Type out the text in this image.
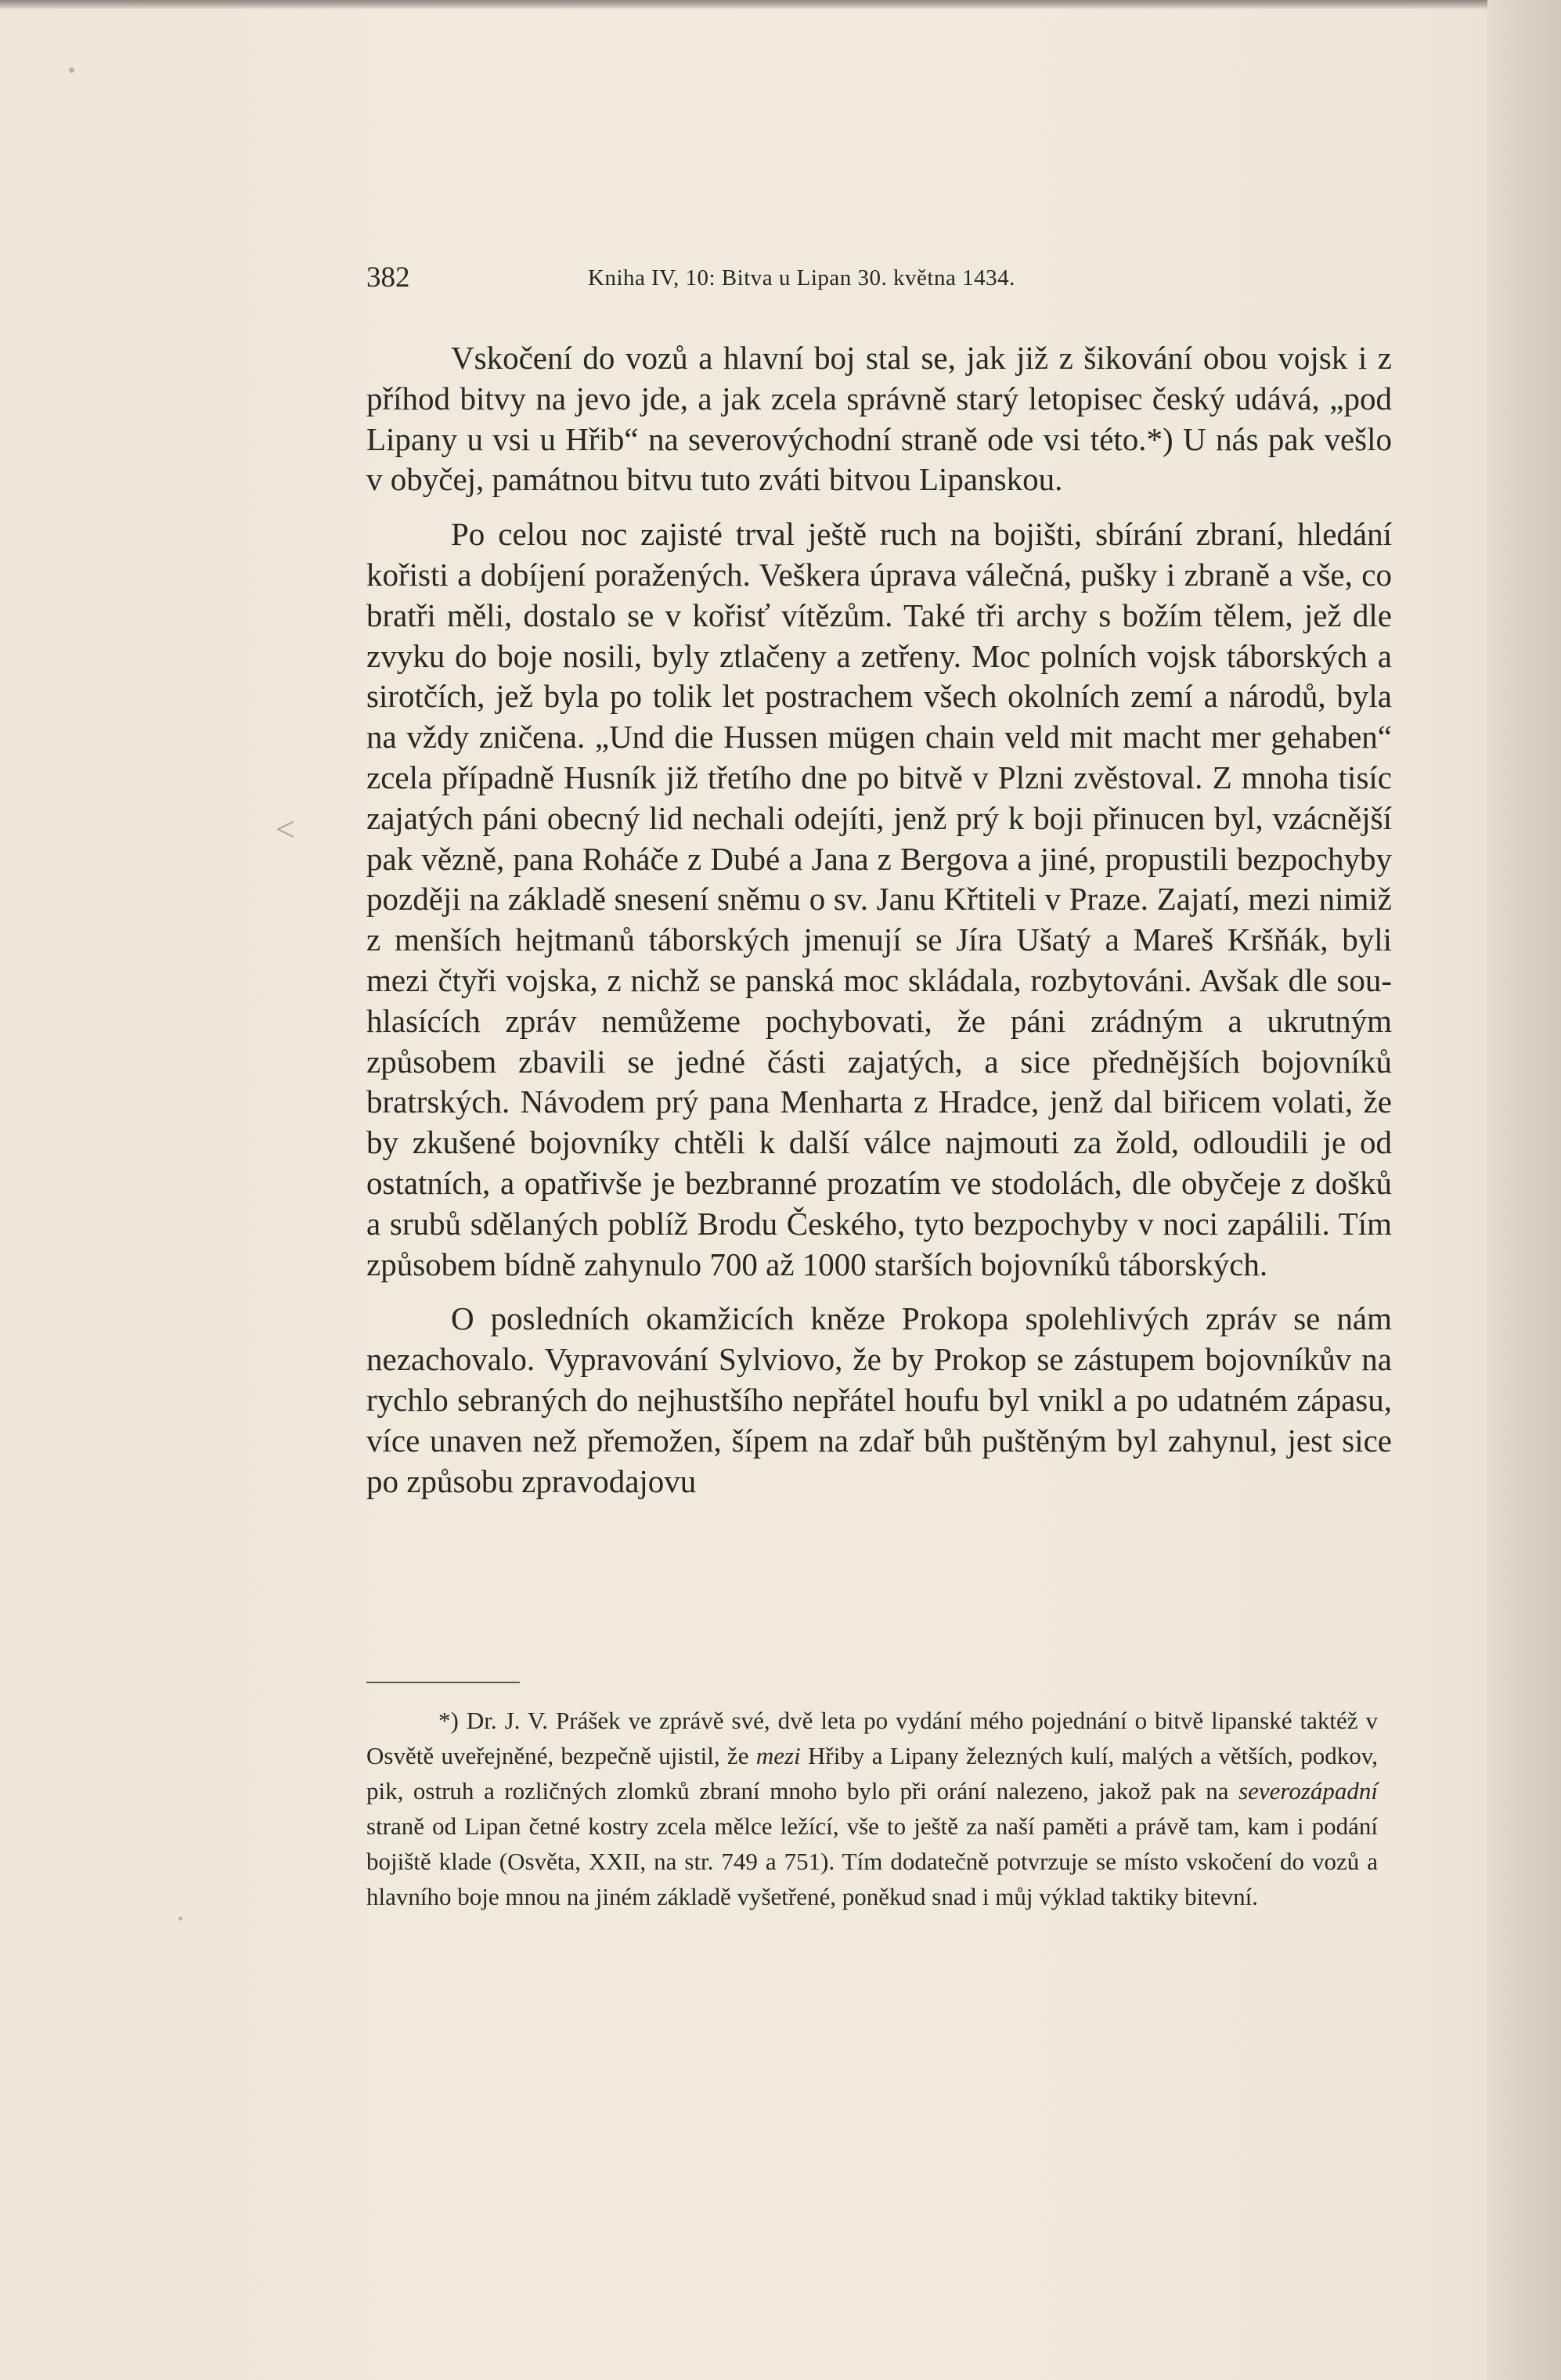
382	Kniha IV, 10: Bitva u Lipan 30. května 1434.
<

Vskočení do vozů a hlavní boj stal se, jak již z šikování obou vojsk i z příhod bitvy na jevo jde, a jak zcela správně starý letopisec český udává, „pod Lipany u vsi u Hřib“ na severovýchodní straně ode vsi této.*) U nás pak vešlo v obyčej, památnou bitvu tuto zváti bitvou Lipanskou.

Po celou noc zajisté trval ještě ruch na bojišti, sbírání zbraní, hledání kořisti a dobíjení poražených. Veškera úprava válečná, pušky i zbraně a vše, co bratři měli, dostalo se v kořisť vítězům. Také tři archy s božím tělem, jež dle zvyku do boje nosili, byly ztlačeny a zetřeny. Moc polních vojsk táborských a sirotčích, jež byla po tolik let postrachem všech okolních zemí a národů, byla na vždy zničena. „Und die Hussen mügen chain veld mit macht mer gehaben“ zcela případně Husník již třetího dne po bitvě v Plzni zvěstoval. Z mnoha tisíc zajatých páni obecný lid nechali odejíti, jenž prý k boji přinucen byl, vzácnější pak vězně, pana Roháče z Dubé a Jana z Bergova a jiné, propustili bezpochyby později na základě snesení sněmu o sv. Janu Křtiteli v Praze. Zajatí, mezi nimiž z menších hejtmanů táborských jmenují se Jíra Ušatý a Mareš Kršňák, byli mezi čtyři vojska, z nichž se panská moc skládala, rozbytováni. Avšak dle souhlasících zpráv nemůžeme pochybovati, že páni zrádným a ukrutným způsobem zbavili se jedné části zajatých, a sice přednějších bojovníků bratrských. Návodem prý pana Menharta z Hradce, jenž dal biřicem volati, že by zkušené bojovníky chtěli k další válce najmouti za žold, odloudili je od ostatních, a opatřivše je bezbranné prozatím ve stodolách, dle obyčeje z došků a srubů sdělaných poblíž Brodu Českého, tyto bezpochyby v noci zapálili. Tím způsobem bídně zahynulo 700 až 1000 starších bojovníků táborských.

O posledních okamžicích kněze Prokopa spolehlivých zpráv se nám nezachovalo. Vypravování Sylviovo, že by Prokop se zástupem bojovníkův na rychlo sebraných do nejhustšího nepřátel houfu byl vnikl a po udatném zápasu, více unaven než přemožen, šípem na zdař bůh puštěným byl zahynul, jest sice po způsobu zpravodajovu

*) Dr. J. V. Prášek ve zprávě své, dvě leta po vydání mého pojednání o bitvě lipanské taktéž v Osvětě uveřejněné, bezpečně ujistil, že mezi Hřiby a Lipany železných kulí, malých a větších, podkov, pik, ostruh a rozličných zlomků zbraní mnoho bylo při orání nalezeno, jakož pak na severozápadní straně od Lipan četné kostry zcela mělce ležící, vše to ještě za naší paměti a právě tam, kam i podání bojiště klade (Osvěta, XXII, na str. 749 a 751). Tím dodatečně potvrzuje se místo vskočení do vozů a hlavního boje mnou na jiném základě vyšetřené, poněkud snad i můj výklad taktiky bitevní.
